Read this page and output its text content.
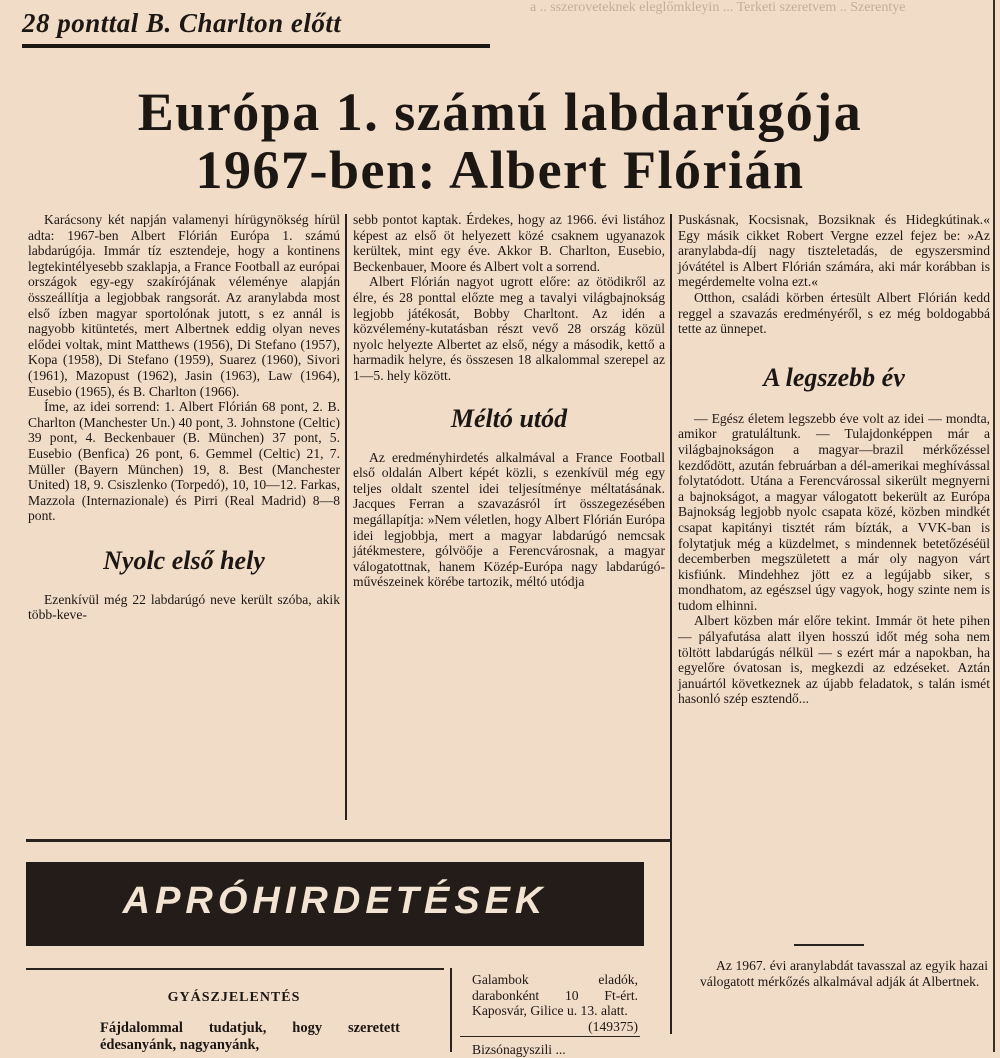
a .. sszeroveteknek eleglőmkleyin ... Terketi szeretvem .. Szerentye
28 ponttal B. Charlton előtt
Európa 1. számú labdarúgója
1967-ben: Albert Flórián

Karácsony két napján valamenyi hírügynökség hírül adta: 1967-ben Albert Flórián Európa 1. számú labdarúgója. Immár tíz esztendeje, hogy a kontinens legtekintélyesebb szaklapja, a France Football az európai országok egy-egy szakírójának véleménye alapján összeállítja a legjobbak rangsorát. Az aranylabda most első ízben magyar sportolónak jutott, s ez annál is nagyobb kitüntetés, mert Albertnek eddig olyan neves elődei voltak, mint Matthews (1956), Di Stefano (1957), Kopa (1958), Di Stefano (1959), Suarez (1960), Sivori (1961), Mazopust (1962), Jasin (1963), Law (1964), Eusebio (1965), és B. Charlton (1966).

Íme, az idei sorrend: 1. Albert Flórián 68 pont, 2. B. Charlton (Manchester Un.) 40 pont, 3. Johnstone (Celtic) 39 pont, 4. Beckenbauer (B. München) 37 pont, 5. Eusebio (Benfica) 26 pont, 6. Gemmel (Celtic) 21, 7. Müller (Bayern München) 19, 8. Best (Manchester United) 18, 9. Csiszlenko (Torpedó), 10, 10—12. Farkas, Mazzola (Internazionale) és Pirri (Real Madrid) 8—8 pont.

Nyolc első hely

Ezenkívül még 22 labdarúgó neve került szóba, akik több-keve-

sebb pontot kaptak. Érdekes, hogy az 1966. évi listához képest az első öt helyezett közé csaknem ugyanazok kerültek, mint egy éve. Akkor B. Charlton, Eusebio, Beckenbauer, Moore és Albert volt a sorrend.

Albert Flórián nagyot ugrott előre: az ötödikről az élre, és 28 ponttal előzte meg a tavalyi világbajnokság legjobb játékosát, Bobby Charltont. Az idén a közvélemény-kutatásban részt vevő 28 ország közül nyolc helyezte Albertet az első, négy a második, kettő a harmadik helyre, és összesen 18 alkalommal szerepel az 1—5. hely között.

Méltó utód

Az eredményhirdetés alkalmával a France Football első oldalán Albert képét közli, s ezenkívül még egy teljes oldalt szentel idei teljesítménye méltatásának. Jacques Ferran a szavazásról írt összegezésében megállapítja: »Nem véletlen, hogy Albert Flórián Európa idei legjobbja, mert a magyar labdarúgó nemcsak játékmestere, gólvöője a Ferencvárosnak, a magyar válogatottnak, hanem Közép-Európa nagy labdarúgó-művészeinek körébe tartozik, méltó utódja

Puskásnak, Kocsisnak, Bozsiknak és Hidegkútinak.« Egy másik cikket Robert Vergne ezzel fejez be: »Az aranylabda-díj nagy tiszteletadás, de egyszersmind jóvátétel is Albert Flórián számára, aki már korábban is megérdemelte volna ezt.«

Otthon, családi körben értesült Albert Flórián kedd reggel a szavazás eredményéről, s ez még boldogabbá tette az ünnepet.

A legszebb év

— Egész életem legszebb éve volt az idei — mondta, amikor gratuláltunk. — Tulajdonképpen már a világbajnokságon a magyar—brazil mérkőzéssel kezdődött, azután februárban a dél-amerikai meghívással folytatódott. Utána a Ferencvárossal sikerült megnyerni a bajnokságot, a magyar válogatott bekerült az Európa Bajnokság legjobb nyolc csapata közé, közben mindkét csapat kapitányi tisztét rám bízták, a VVK-ban is folytatjuk még a küzdelmet, s mindennek betetőzéséül decemberben megszületett a már oly nagyon várt kisfiúnk. Mindehhez jött ez a legújabb siker, s mondhatom, az egészsel úgy vagyok, hogy szinte nem is tudom elhinni.

Albert közben már előre tekint. Immár öt hete pihen — pályafutása alatt ilyen hosszú időt még soha nem töltött labdarúgás nélkül — s ezért már a napokban, ha egyelőre óvatosan is, megkezdi az edzéseket. Aztán januártól következnek az újabb feladatok, s talán ismét hasonló szép esztendő...

Az 1967. évi aranylabdát tavasszal az egyik hazai válogatott mérkőzés alkalmával adják át Albertnek.

APRÓHIRDETÉSEK
GYÁSZJELENTÉS
Fájdalommal tudatjuk, hogy szeretett édesanyánk, nagyanyánk,
Galambok eladók, darabonként 10 Ft-ért. Kaposvár, Gilice u. 13. alatt.
(149375)
Bizsónagyszili ...
